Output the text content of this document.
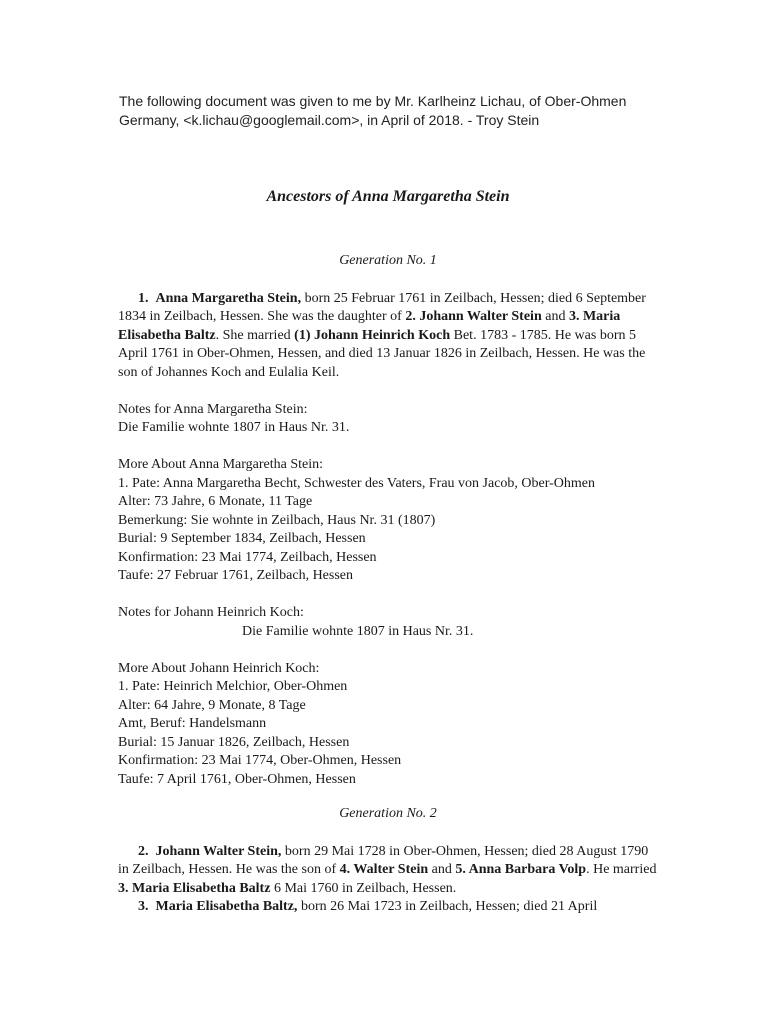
The following document was given to me by Mr. Karlheinz Lichau, of Ober-Ohmen Germany, <k.lichau@googlemail.com>, in April of 2018. - Troy Stein
Ancestors of Anna Margaretha Stein
Generation No. 1

1. Anna Margaretha Stein, born 25 Februar 1761 in Zeilbach, Hessen; died 6 September 1834 in Zeilbach, Hessen. She was the daughter of 2. Johann Walter Stein and 3. Maria Elisabetha Baltz. She married (1) Johann Heinrich Koch Bet. 1783 - 1785. He was born 5 April 1761 in Ober-Ohmen, Hessen, and died 13 Januar 1826 in Zeilbach, Hessen. He was the son of Johannes Koch and Eulalia Keil.

Notes for Anna Margaretha Stein:
Die Familie wohnte 1807 in Haus Nr. 31.
More About Anna Margaretha Stein:
1. Pate: Anna Margaretha Becht, Schwester des Vaters, Frau von Jacob, Ober-Ohmen
Alter: 73 Jahre, 6 Monate, 11 Tage
Bemerkung: Sie wohnte in Zeilbach, Haus Nr. 31 (1807)
Burial: 9 September 1834, Zeilbach, Hessen
Konfirmation: 23 Mai 1774, Zeilbach, Hessen
Taufe: 27 Februar 1761, Zeilbach, Hessen
Notes for Johann Heinrich Koch:
Die Familie wohnte 1807 in Haus Nr. 31.
More About Johann Heinrich Koch:
1. Pate: Heinrich Melchior, Ober-Ohmen
Alter: 64 Jahre, 9 Monate, 8 Tage
Amt, Beruf: Handelsmann
Burial: 15 Januar 1826, Zeilbach, Hessen
Konfirmation: 23 Mai 1774, Ober-Ohmen, Hessen
Taufe: 7 April 1761, Ober-Ohmen, Hessen
Generation No. 2

2. Johann Walter Stein, born 29 Mai 1728 in Ober-Ohmen, Hessen; died 28 August 1790 in Zeilbach, Hessen. He was the son of 4. Walter Stein and 5. Anna Barbara Volp. He married 3. Maria Elisabetha Baltz 6 Mai 1760 in Zeilbach, Hessen.

3. Maria Elisabetha Baltz, born 26 Mai 1723 in Zeilbach, Hessen; died 21 April
